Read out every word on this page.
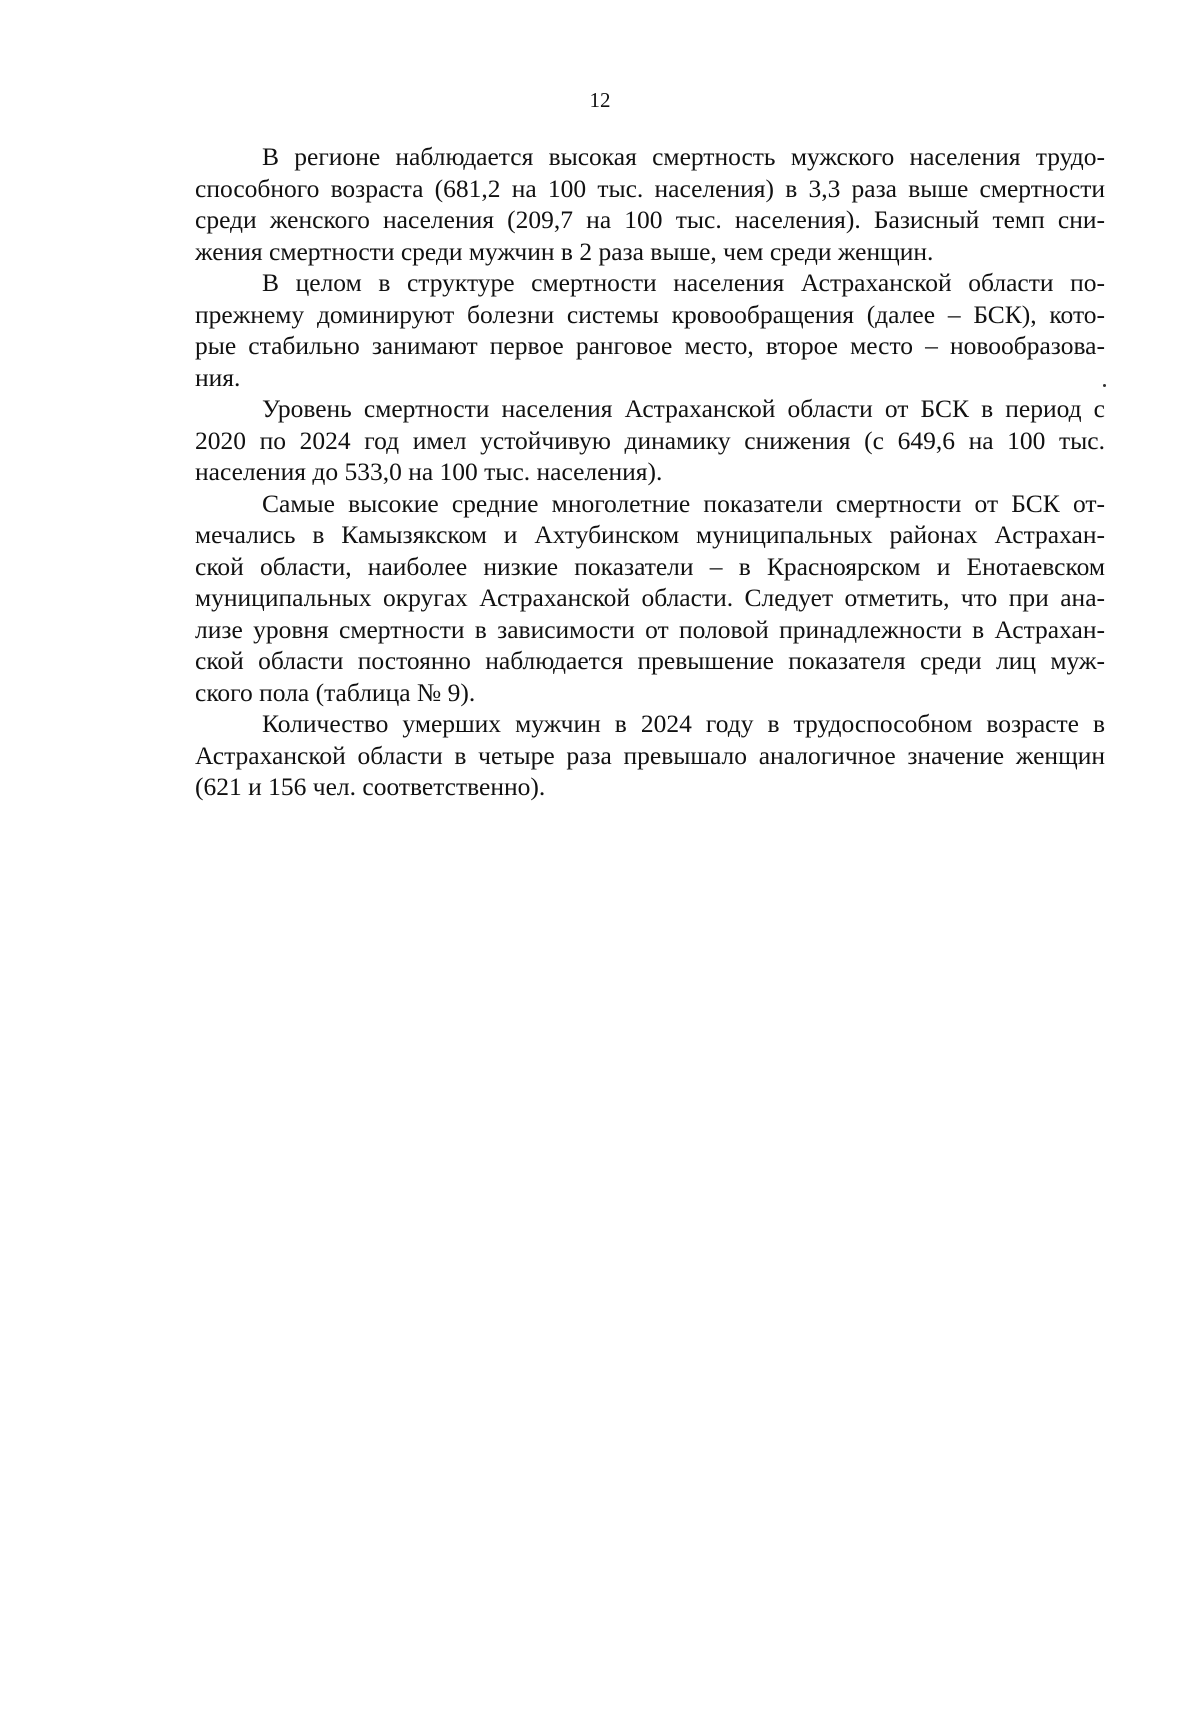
12

В регионе наблюдается высокая смертность мужского населения трудо-
способного возраста (681,2 на 100 тыс. населения) в 3,3 раза выше смертности
среди женского населения (209,7 на 100 тыс. населения). Базисный темп сни-
жения смертности среди мужчин в 2 раза выше, чем среди женщин.

В целом в структуре смертности населения Астраханской области по-
прежнему доминируют болезни системы кровообращения (далее – БСК), кото-
рые стабильно занимают первое ранговое место, второе место – новообразова-
ния.

Уровень смертности населения Астраханской области от БСК в период с
2020 по 2024 год имел устойчивую динамику снижения (с 649,6 на 100 тыс.
населения до 533,0 на 100 тыс. населения).

Самые высокие средние многолетние показатели смертности от БСК от-
мечались в Камызякском и Ахтубинском муниципальных районах Астрахан-
ской области, наиболее низкие показатели – в Красноярском и Енотаевском
муниципальных округах Астраханской области. Следует отметить, что при ана-
лизе уровня смертности в зависимости от половой принадлежности в Астрахан-
ской области постоянно наблюдается превышение показателя среди лиц муж-
ского пола (таблица № 9).

Количество умерших мужчин в 2024 году в трудоспособном возрасте в
Астраханской области в четыре раза превышало аналогичное значение женщин
(621 и 156 чел. соответственно).
